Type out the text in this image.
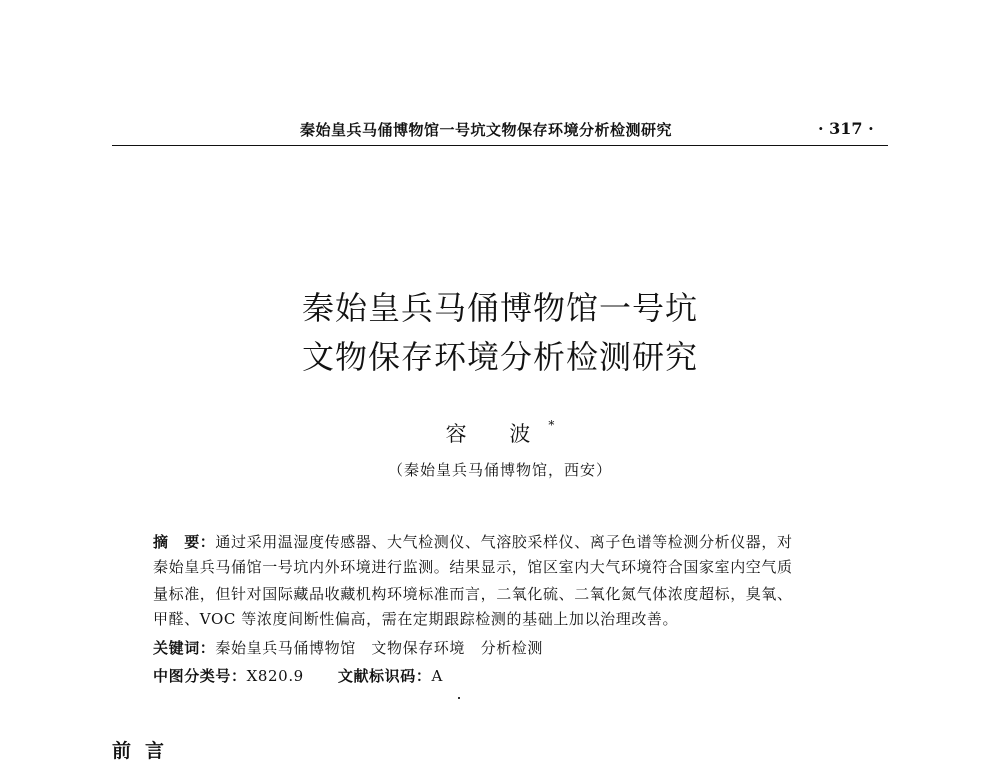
秦始皇兵马俑博物馆一号坑文物保存环境分析检测研究	· 317 ·
秦始皇兵马俑博物馆一号坑
文物保存环境分析检测研究
容 波*
（秦始皇兵马俑博物馆，西安）
摘　要：通过采用温湿度传感器、大气检测仪、气溶胶采样仪、离子色谱等检测分析仪器，对
秦始皇兵马俑馆一号坑内外环境进行监测。结果显示，馆区室内大气环境符合国家室内空气质
量标准，但针对国际藏品收藏机构环境标准而言，二氧化硫、二氧化氮气体浓度超标，臭氧、
甲醛、VOC 等浓度间断性偏高，需在定期跟踪检测的基础上加以治理改善。
关键词：秦始皇兵马俑博物馆　文物保存环境　分析检测
中图分类号：X820.9 文献标识码：A
前言
